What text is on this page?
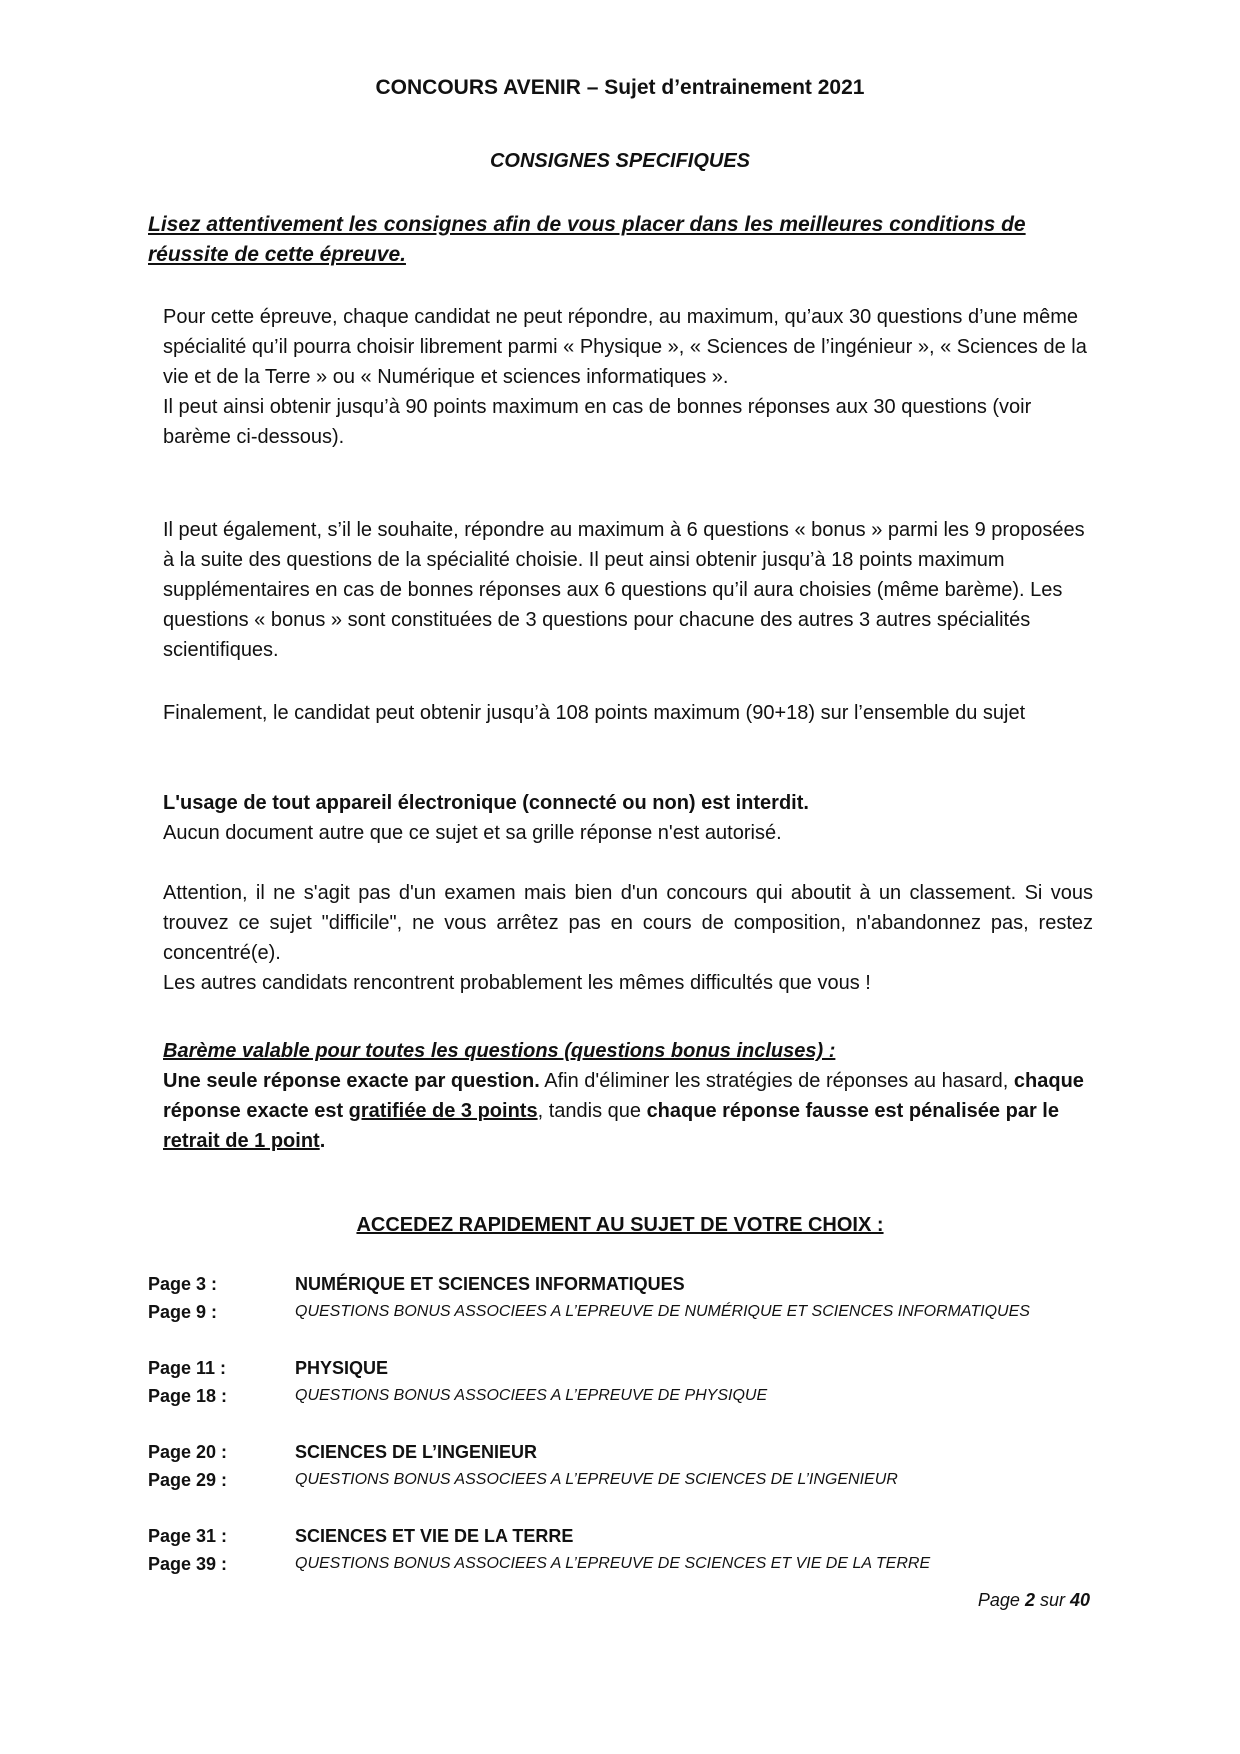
CONCOURS AVENIR – Sujet d’entrainement 2021
CONSIGNES SPECIFIQUES
Lisez attentivement les consignes afin de vous placer dans les meilleures conditions de réussite de cette épreuve.

Pour cette épreuve, chaque candidat ne peut répondre, au maximum, qu’aux 30 questions d’une même spécialité qu’il pourra choisir librement parmi « Physique », « Sciences de l’ingénieur », « Sciences de la vie et de la Terre » ou « Numérique et sciences informatiques ».

Il peut ainsi obtenir jusqu’à 90 points maximum en cas de bonnes réponses aux 30 questions (voir barème ci-dessous).

Il peut également, s’il le souhaite, répondre au maximum à 6 questions « bonus » parmi les 9 proposées à la suite des questions de la spécialité choisie. Il peut ainsi obtenir jusqu’à 18 points maximum supplémentaires en cas de bonnes réponses aux 6 questions qu’il aura choisies (même barème). Les questions « bonus » sont constituées de 3 questions pour chacune des autres 3 autres spécialités scientifiques.

Finalement, le candidat peut obtenir jusqu’à 108 points maximum (90+18) sur l’ensemble du sujet

L'usage de tout appareil électronique (connecté ou non) est interdit.

Aucun document autre que ce sujet et sa grille réponse n'est autorisé.

Attention, il ne s'agit pas d'un examen mais bien d'un concours qui aboutit à un classement. Si vous trouvez ce sujet "difficile", ne vous arrêtez pas en cours de composition, n'abandonnez pas, restez concentré(e).

Les autres candidats rencontrent probablement les mêmes difficultés que vous !

Barème valable pour toutes les questions (questions bonus incluses) :

Une seule réponse exacte par question. Afin d'éliminer les stratégies de réponses au hasard, chaque réponse exacte est gratifiée de 3 points, tandis que chaque réponse fausse est pénalisée par le retrait de 1 point.

ACCEDEZ RAPIDEMENT AU SUJET DE VOTRE CHOIX :
Page 3 :	NUMÉRIQUE ET SCIENCES INFORMATIQUES
Page 9 :	QUESTIONS BONUS ASSOCIEES A L’EPREUVE DE NUMÉRIQUE ET SCIENCES INFORMATIQUES
Page 11 :	PHYSIQUE
Page 18 :	QUESTIONS BONUS ASSOCIEES A L’EPREUVE DE PHYSIQUE
Page 20 :	SCIENCES DE L’INGENIEUR
Page 29 :	QUESTIONS BONUS ASSOCIEES A L’EPREUVE DE SCIENCES DE L’INGENIEUR
Page 31 :	SCIENCES ET VIE DE LA TERRE
Page 39 :	QUESTIONS BONUS ASSOCIEES A L’EPREUVE DE SCIENCES ET VIE DE LA TERRE
Page 2 sur 40
